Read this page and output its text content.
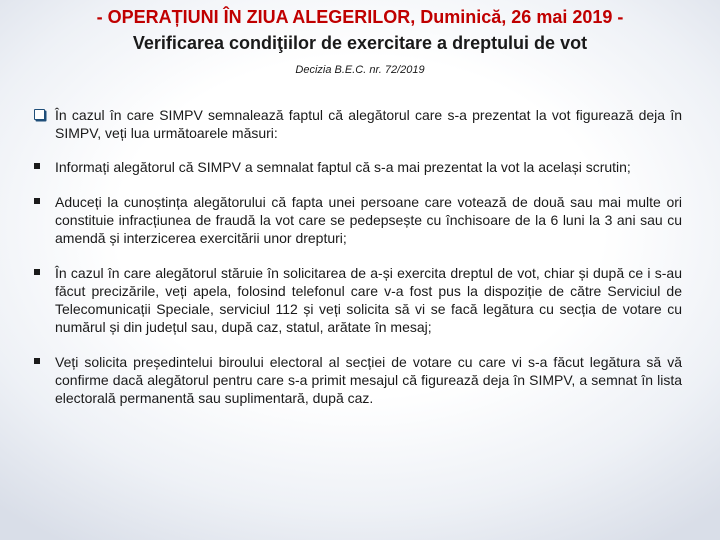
- OPERAȚIUNI ÎN ZIUA ALEGERILOR, Duminică, 26 mai 2019 -
Verificarea condiţiilor de exercitare a dreptului de vot
Decizia B.E.C. nr. 72/2019

În cazul în care SIMPV semnalează faptul că alegătorul care s-a prezentat la vot figurează deja în SIMPV, veți lua următoarele măsuri:

Informați alegătorul că SIMPV a semnalat faptul că s-a mai prezentat la vot la același scrutin;
Aduceți la cunoștința alegătorului că fapta unei persoane care votează de două sau mai multe ori constituie infracțiunea de fraudă la vot care se pedepsește cu închisoare de la 6 luni la 3 ani sau cu amendă și interzicerea exercitării unor drepturi;
În cazul în care alegătorul stăruie în solicitarea de a-și exercita dreptul de vot, chiar și după ce i s-au făcut precizările, veți apela, folosind telefonul care v-a fost pus la dispoziție de către Serviciul de Telecomunicații Speciale, serviciul 112 și veți solicita să vi se facă legătura cu secția de votare cu numărul și din județul sau, după caz, statul, arătate în mesaj;
Veți solicita președintelui biroului electoral al secției de votare cu care vi s-a făcut legătura să vă confirme dacă alegătorul pentru care s-a primit mesajul că figurează deja în SIMPV, a semnat în lista electorală permanentă sau suplimentară, după caz.
